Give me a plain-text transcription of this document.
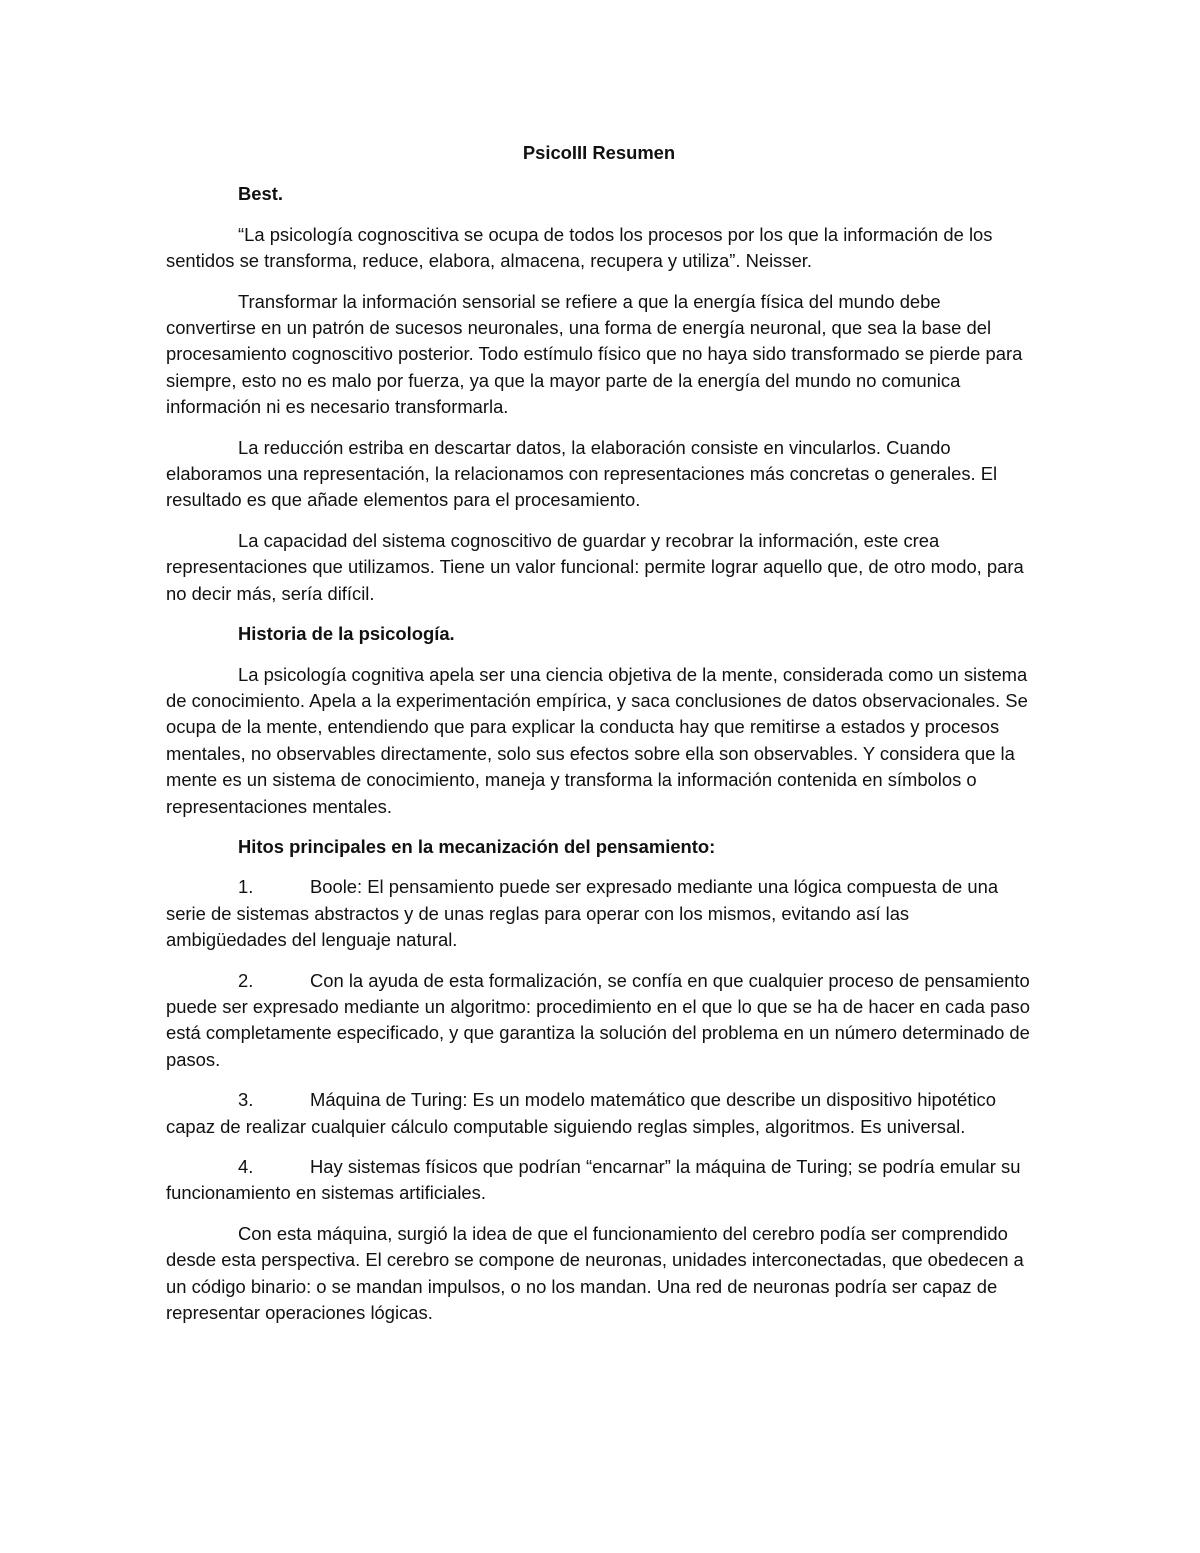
PsicoIII Resumen

Best.

“La psicología cognoscitiva se ocupa de todos los procesos por los que la información de los sentidos se transforma, reduce, elabora, almacena, recupera y utiliza”. Neisser.

Transformar la información sensorial se refiere a que la energía física del mundo debe convertirse en un patrón de sucesos neuronales, una forma de energía neuronal, que sea la base del procesamiento cognoscitivo posterior. Todo estímulo físico que no haya sido transformado se pierde para siempre, esto no es malo por fuerza, ya que la mayor parte de la energía del mundo no comunica información ni es necesario transformarla.

La reducción estriba en descartar datos, la elaboración consiste en vincularlos. Cuando elaboramos una representación, la relacionamos con representaciones más concretas o generales. El resultado es que añade elementos para el procesamiento.

La capacidad del sistema cognoscitivo de guardar y recobrar la información, este crea representaciones que utilizamos. Tiene un valor funcional: permite lograr aquello que, de otro modo, para no decir más, sería difícil.

Historia de la psicología.

La psicología cognitiva apela ser una ciencia objetiva de la mente, considerada como un sistema de conocimiento. Apela a la experimentación empírica, y saca conclusiones de datos observacionales. Se ocupa de la mente, entendiendo que para explicar la conducta hay que remitirse a estados y procesos mentales, no observables directamente, solo sus efectos sobre ella son observables. Y considera que la mente es un sistema de conocimiento, maneja y transforma la información contenida en símbolos o representaciones mentales.

Hitos principales en la mecanización del pensamiento:

1.	Boole: El pensamiento puede ser expresado mediante una lógica compuesta de una serie de sistemas abstractos y de unas reglas para operar con los mismos, evitando así las ambigüedades del lenguaje natural.

2.	Con la ayuda de esta formalización, se confía en que cualquier proceso de pensamiento puede ser expresado mediante un algoritmo: procedimiento en el que lo que se ha de hacer en cada paso está completamente especificado, y que garantiza la solución del problema en un número determinado de pasos.

3.	Máquina de Turing: Es un modelo matemático que describe un dispositivo hipotético capaz de realizar cualquier cálculo computable siguiendo reglas simples, algoritmos. Es universal.

4.	Hay sistemas físicos que podrían “encarnar” la máquina de Turing; se podría emular su funcionamiento en sistemas artificiales.

Con esta máquina, surgió la idea de que el funcionamiento del cerebro podía ser comprendido desde esta perspectiva. El cerebro se compone de neuronas, unidades interconectadas, que obedecen a un código binario: o se mandan impulsos, o no los mandan. Una red de neuronas podría ser capaz de representar operaciones lógicas.
